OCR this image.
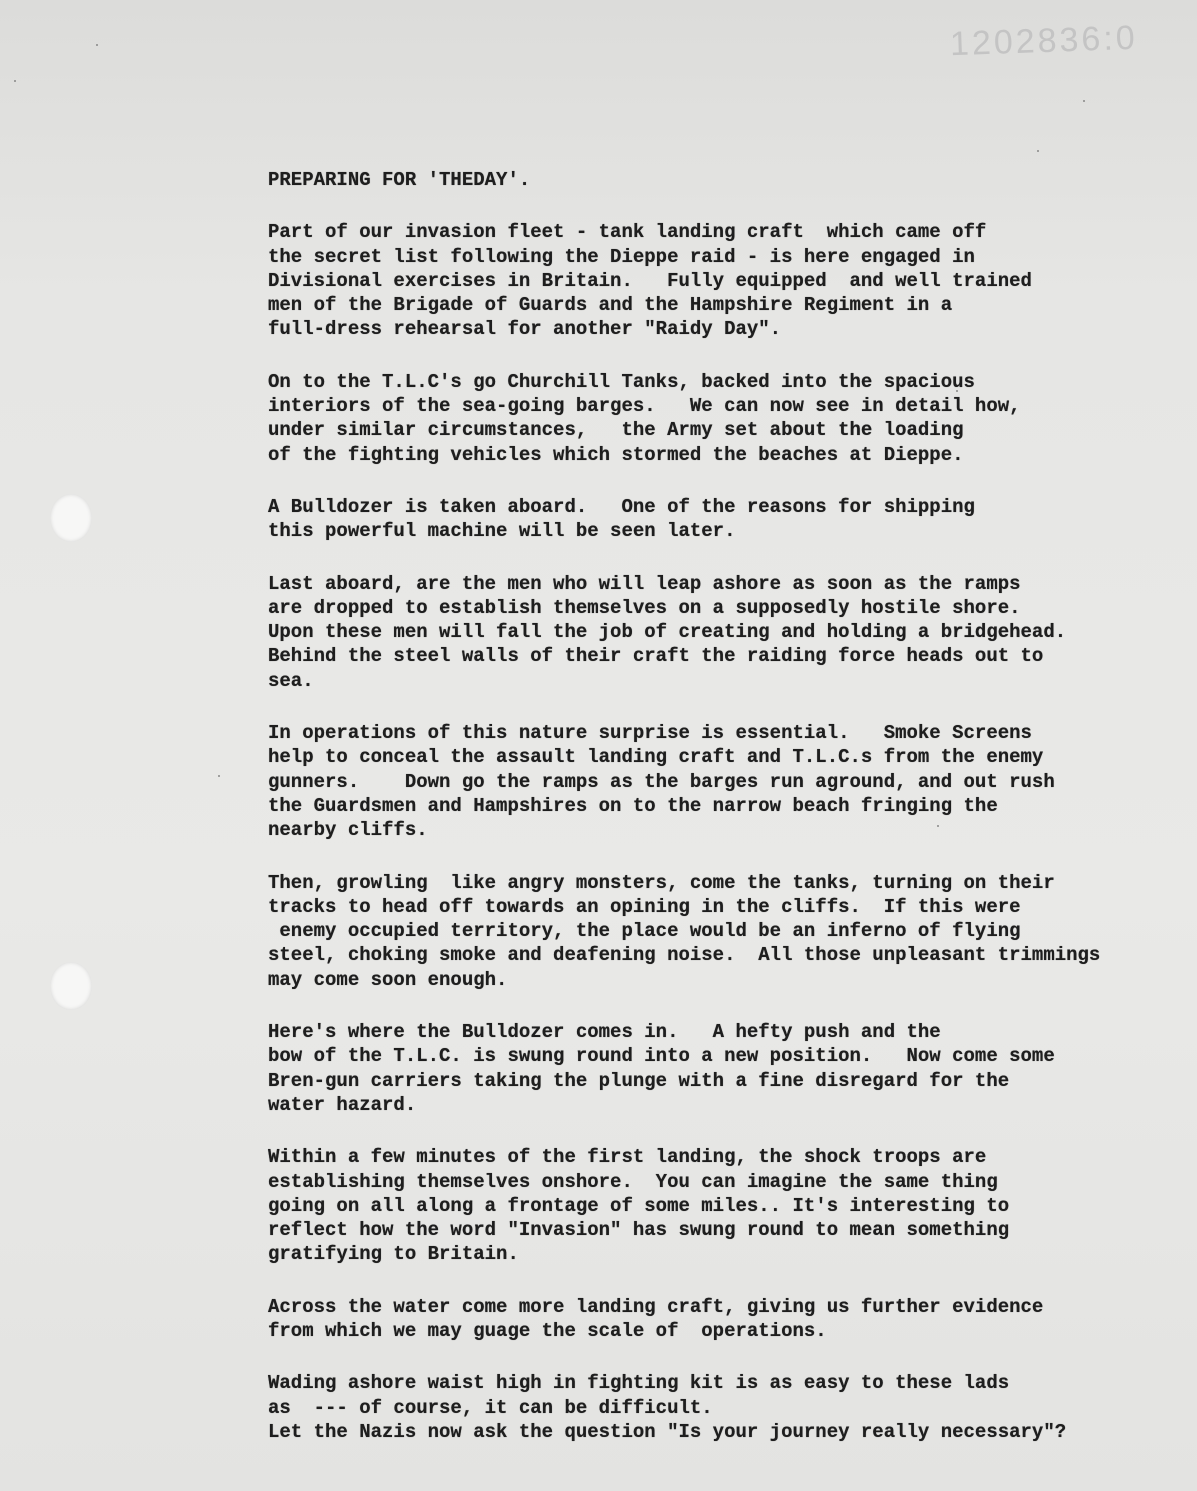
1202836:0
PREPARING FOR 'THEDAY'.
Part of our invasion fleet - tank landing craft  which came off
the secret list following the Dieppe raid - is here engaged in
Divisional exercises in Britain.   Fully equipped  and well trained
men of the Brigade of Guards and the Hampshire Regiment in a
full-dress rehearsal for another "Raidy Day".
On to the T.L.C's go Churchill Tanks, backed into the spacious
interiors of the sea-going barges.   We can now see in detail how,
under similar circumstances,   the Army set about the loading
of the fighting vehicles which stormed the beaches at Dieppe.
A Bulldozer is taken aboard.   One of the reasons for shipping
this powerful machine will be seen later.
Last aboard, are the men who will leap ashore as soon as the ramps
are dropped to establish themselves on a supposedly hostile shore.
Upon these men will fall the job of creating and holding a bridgehead.
Behind the steel walls of their craft the raiding force heads out to
sea.
In operations of this nature surprise is essential.   Smoke Screens
help to conceal the assault landing craft and T.L.C.s from the enemy
gunners.    Down go the ramps as the barges run aground, and out rush
the Guardsmen and Hampshires on to the narrow beach fringing the
nearby cliffs.
Then, growling  like angry monsters, come the tanks, turning on their
tracks to head off towards an opining in the cliffs.  If this were
enemy occupied territory, the place would be an inferno of flying
steel, choking smoke and deafening noise.  All those unpleasant trimmings
may come soon enough.
Here's where the Bulldozer comes in.   A hefty push and the
bow of the T.L.C. is swung round into a new position.   Now come some
Bren-gun carriers taking the plunge with a fine disregard for the
water hazard.
Within a few minutes of the first landing, the shock troops are
establishing themselves onshore.  You can imagine the same thing
going on all along a frontage of some miles.. It's interesting to
reflect how the word "Invasion" has swung round to mean something
gratifying to Britain.
Across the water come more landing craft, giving us further evidence
from which we may guage the scale of  operations.
Wading ashore waist high in fighting kit is as easy to these lads
as  --- of course, it can be difficult.
Let the Nazis now ask the question "Is your journey really necessary"?
